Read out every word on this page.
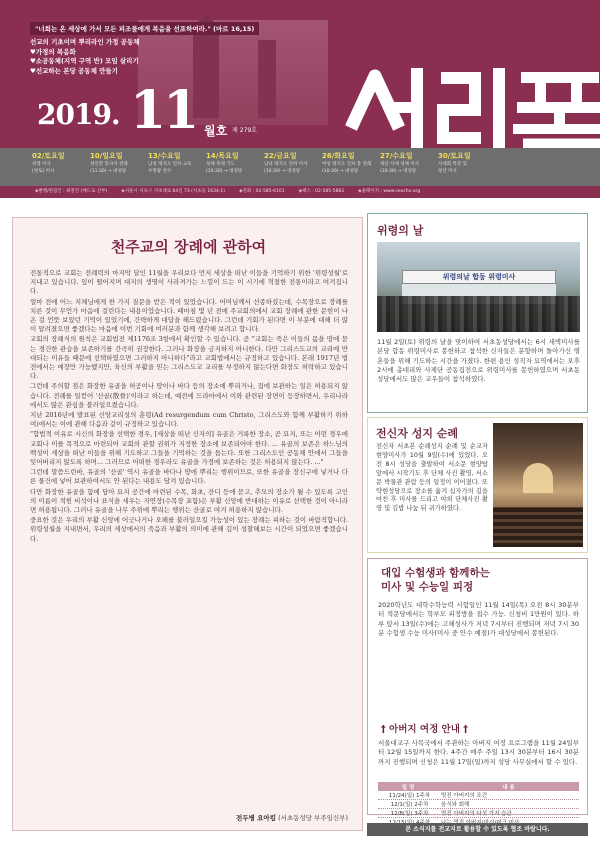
"너희는 온 세상에 가서 모든 피조물에게 복음을 선포하여라." (마르 16,15)
선교의 기초이며 뿌리라인 가정 공동체
♥가정의 복음화
♥소공동체(지역 구역 반) 모임 살리기
♥선교하는 본당 공동체 만들기
2019. 11 월호 제 279호
02/토요일
위령 미사
(첫토) 미사
10/일요일
성인만 봉사자 전례
(11:30) → 대성당
13/수요일
남성 레지오 연차 교육
수명광 연수
14/목요일
성체 축제 기도
(10:30) → 대성당
22/금요일
남녀 레지오 연차 미사
(10:30) → 대성당
26/화요일
여성 레지오 연차 총 전례
(10:30) → 대성당
27/수요일
제단 사제 성체 미사
(10:30) → 대성당
30/토요일
사제회 특강 및
청년 미사
◈발행/편집인 : 최철진 (베드로 신부)	◈서울시 서초구 서초대로 64길 73 (서초동 1634-1)	◈전화 : 02-585-6101	◈팩스 : 02-585-5883	◈홈페이지 : www.seocho.org
천주교의 장례에 관하여

전통적으로 교회는 전례력의 마지막 달인 11월을 우리보다 먼저 세상을 떠난 이들을 기억하기 위한 '위령성월'로 지내고 있습니다. 잎이 떨어지며 대지의 생명이 사라져가는 느낌이 드는 이 시기에 적절한 전통이라고 여겨집니다.

얼마 전에 어느 지체님에게 한 가지 질문을 받은 적이 있었습니다. 어머님께서 선종하셨는데, 수목장으로 장례를 치른 것이 무언가 마음에 걸린다는 내용이었습니다. 때마침 몇 년 전에 주교회의에서 교회 장례에 관한 문헌이 나온 걸 언뜻 보았던 기억이 있었기에, 간략하게 대답을 해드렸습니다. 그런데 기회가 된다면 이 부분에 대해 더 많이 알려졌으면 좋겠다는 마음에 이번 기회에 여러분과 함께 생각해 보려고 합니다.

교회의 장례식의 원칙은 교회법전 제1176조 3항에서 확인할 수 있습니다. 곧 "교회는 죽은 이들의 몸을 땅에 묻는 경건한 관습을 보존하기를 간곡히 권장한다. 그러나 화장을 금지하지 아니한다. 다만 그리스도교의 교리에 반대되는 이유들 때문에 선택하였으면 그러하지 아니하다"라고 교회법에서는 규정하고 있습니다. 본래 1917년 법전에서는 매장만 가능했지만, 육신의 부활을 믿는 그리스도교 교리를 부정하지 않는다면 화장도 허락하고 있습니다.

그런데 주의할 점은 화장한 유골을 허공이나 땅이나 바다 등의 장소에 뿌리거나, 집에 보관하는 일은 허용되지 않습니다. 전례를 일컫어 '산골(散骨)'이라고 하는데, 예전에 드라마에서 이와 관련된 장면이 등장하면서, 우리나라에서도 많은 관심을 불러일으켰습니다.

지난 2016년에 발표된 신앙교리성의 훈령(Ad resurgendum cum Christo, 그리스도와 함께 부활하기 위하여)에서는 이에 관해 다음과 같이 규정하고 있습니다.

"합법적 이유로 시신의 화장을 선택한 경우, [세상을 떠난 신자의] 유골은 거룩한 장소, 곧 묘지, 또는 어떤 경우에 교회나 이를 목적으로 마련되어 교회의 관할 권위가 지정한 장소에 보존되어야 한다. ... 유골의 보존은 하느님의 백성이 세상을 떠난 이들을 위해 기도하고 그들을 기억하는 것을 돕는다. 또한 그리스도인 공동체 안에서 그들을 잊어버리지 않도록 하며... 그러므로 어떠한 경우라도 유골을 가정에 보존하는 것은 허용되지 않는다. ..."

그런데 말씀드린바, 유골의 '산골' 역시 유골을 바다나 땅에 뿌리는 행위이므로, 또한 유골을 장신구에 넣거나 다른 물건에 넣어 보관하여서도 안 된다는 내용도 담겨 있습니다.

다만 화장한 유골을 함에 담아 묘지 공간에 마련된 수목, 화초, 잔디 등에 묻고, 추모의 장소가 될 수 있도록 고인의 이름이 적힌 비석이나 표식을 세우는 자연장(수목장 포함)은 부활 신앙에 반대하는 이유로 선택한 것이 아니라면 허용됩니다. 그러나 유골을 나무 주위에 뿌리는 행위는 산골로 여겨 허용하지 않습니다.

중요한 것은 우리의 부활 신앙에 어긋나거나 오해를 불러일으킬 가능성이 있는 장례는 피하는 것이 바람직합니다. 위령성월을 지내면서, 우리의 세상에서의 죽음과 부활의 의미에 관해 깊이 성찰해보는 시간이 되었으면 좋겠습니다.

전두병 요아킴 (서초동성당 부주임신부)
위령의 날
위령의날 합동 위령미사
11월 2일(토) 위령의 날을 맞이하여 서초동성당에서는 6시 새벽미사를 본당 합동 위령미사로 봉헌하고 참석한 신자들은 분향하며 돌아가신 영혼들을 위해 기도하는 시간을 가졌다. 한편 용인 성직자 묘역에서는 오후 2시에 총대리와 사제단 공동집전으로 위령미사를 봉헌하였으며 서초동성당에서도 많은 교우들이 참석하였다.
전신자 성지 순례
전신자 서초본 순례성지 순례 및 순교자 현양미사가 10월 9일(수)에 있었다. 오전 8시 성당을 출발하여 서소문 현양탑 앞에서 시작기도 후 단체 사진 촬영, 서소문 박물관 관람 등의 일정이 이어졌다. 또 약현성당으로 장소를 옮겨 십자가의 길을 마친 후 미사를 드리고 야외 단체사진 촬영 및 김밥 나눔 뒤 귀가하였다.
대입 수험생과 함께하는
미사 및 수능일 피정
2020학년도 대학수학능력 시험일인 11월 14일(목) 오전 8시 30분부터 적문당에서는 학부모 피정방을 접수 가능. 신청비 1만원이 있다. 하루 앞서 13일(수)에는 고해성사가 저녁 7시부터 진행되며 저녁 7시 30분 수험생 수능 미사(미사 중 안수 예절)가 대성당에서 봉헌된다.
† 아버지 여정 안내 †
서울대교구 사목국에서 주관하는 아버지 여정 프로그램을 11월 24일부터 12월 15일까지 한다. 4주간 매주 주일 13시 30분부터 16시 30분까지 진행되며 신청은 11월 17일(일)까지 성당 사무실에서 할 수 있다.
일 정	내 용
11/24(일) 1주차	멋진 아버지의 조건
12/1(일) 2주차	음식와 회해
12/8(일) 3주차	멋진 아버지의 다섯 가지 습관

본 소식지를 전교지로 활용할 수 있도록 협조 바랍니다.
